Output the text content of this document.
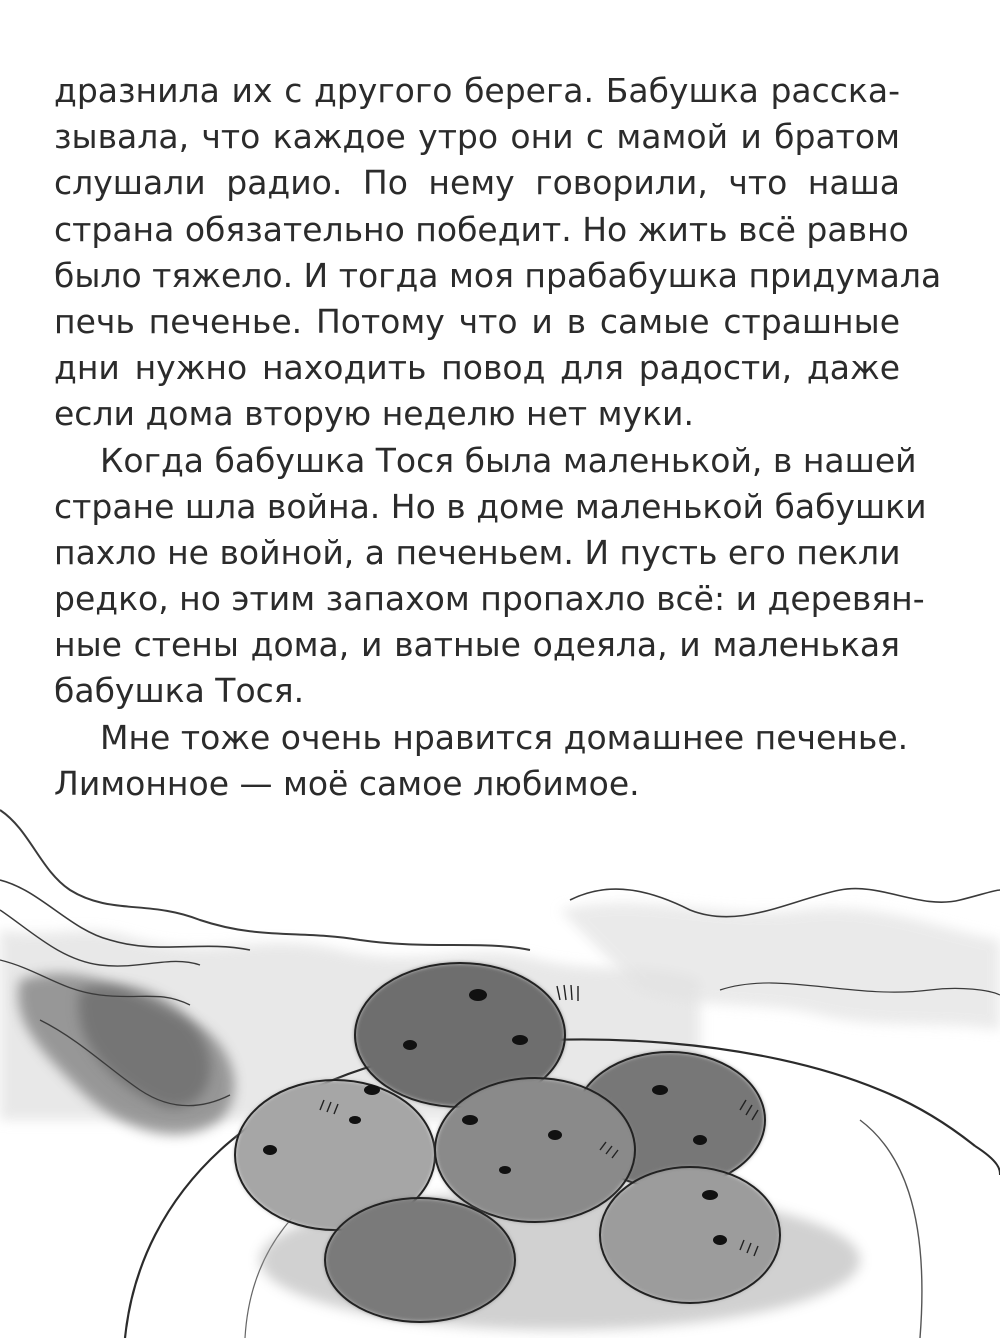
дразнила их с другого берега. Бабушка расска-
зывала, что каждое утро они с мамой и братом
слушали радио. По нему говорили, что наша
страна обязательно победит. Но жить всё равно
было тяжело. И тогда моя прабабушка придумала
печь печенье. Потому что и в самые страшные
дни нужно находить повод для радости, даже
если дома вторую неделю нет муки.
Когда бабушка Тося была маленькой, в нашей
стране шла война. Но в доме маленькой бабушки
пахло не войной, а печеньем. И пусть его пекли
редко, но этим запахом пропахло всё: и деревян-
ные стены дома, и ватные одеяла, и маленькая
бабушка Тося.
Мне тоже очень нравится домашнее печенье.
Лимонное — моё самое любимое.
